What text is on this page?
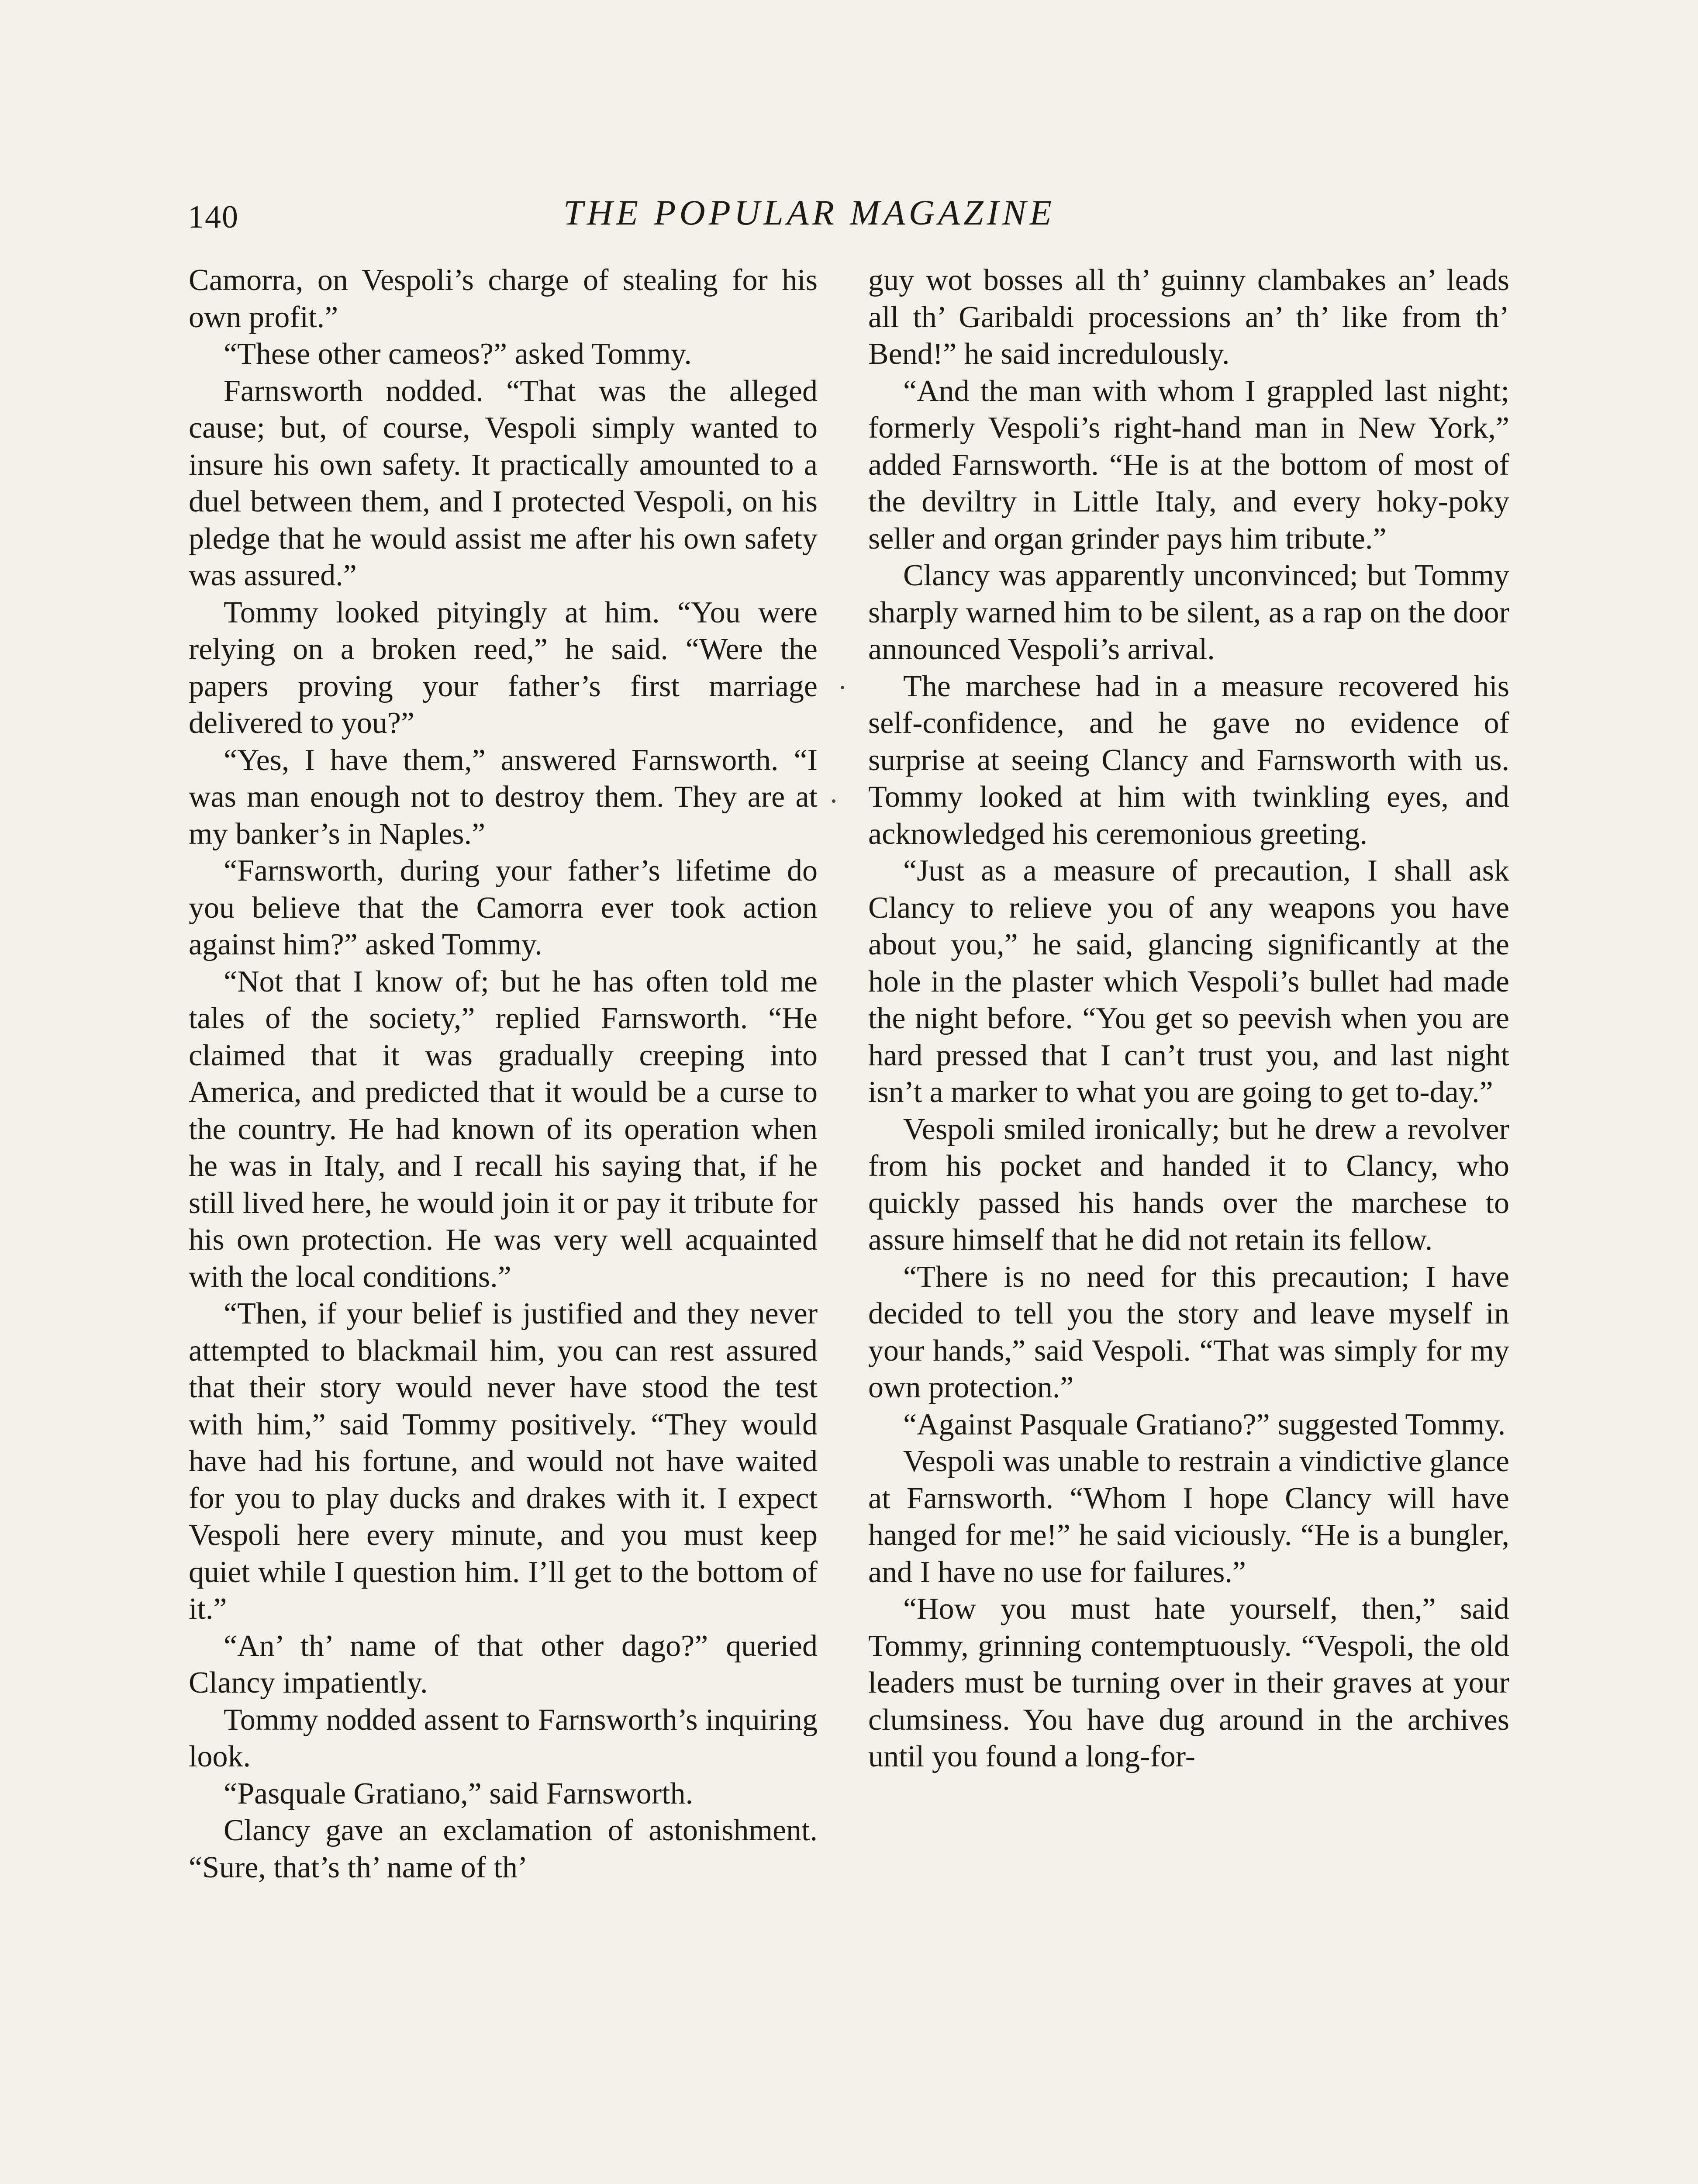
140	THE POPULAR MAGAZINE

Camorra, on Vespoli’s charge of stealing for his own profit.”

“These other cameos?” asked Tommy.

Farnsworth nodded. “That was the alleged cause; but, of course, Vespoli simply wanted to insure his own safety. It practically amounted to a duel between them, and I protected Vespoli, on his pledge that he would assist me after his own safety was assured.”

Tommy looked pityingly at him. “You were relying on a broken reed,” he said. “Were the papers proving your father’s first marriage delivered to you?”

“Yes, I have them,” answered Farnsworth. “I was man enough not to destroy them. They are at my banker’s in Naples.”

“Farnsworth, during your father’s lifetime do you believe that the Camorra ever took action against him?” asked Tommy.

“Not that I know of; but he has often told me tales of the society,” replied Farnsworth. “He claimed that it was gradually creeping into America, and predicted that it would be a curse to the country. He had known of its operation when he was in Italy, and I recall his saying that, if he still lived here, he would join it or pay it tribute for his own protection. He was very well acquainted with the local conditions.”

“Then, if your belief is justified and they never attempted to blackmail him, you can rest assured that their story would never have stood the test with him,” said Tommy positively. “They would have had his fortune, and would not have waited for you to play ducks and drakes with it. I expect Vespoli here every minute, and you must keep quiet while I question him. I’ll get to the bottom of it.”

“An’ th’ name of that other dago?” queried Clancy impatiently.

Tommy nodded assent to Farnsworth’s inquiring look.

“Pasquale Gratiano,” said Farnsworth.

Clancy gave an exclamation of astonishment. “Sure, that’s th’ name of th’

guy wot bosses all th’ guinny clambakes an’ leads all th’ Garibaldi processions an’ th’ like from th’ Bend!” he said incredulously.

“And the man with whom I grappled last night; formerly Vespoli’s right-hand man in New York,” added Farnsworth. “He is at the bottom of most of the deviltry in Little Italy, and every hoky-poky seller and organ grinder pays him tribute.”

Clancy was apparently unconvinced; but Tommy sharply warned him to be silent, as a rap on the door announced Vespoli’s arrival.

The marchese had in a measure recovered his self-confidence, and he gave no evidence of surprise at seeing Clancy and Farnsworth with us. Tommy looked at him with twinkling eyes, and acknowledged his ceremonious greeting.

“Just as a measure of precaution, I shall ask Clancy to relieve you of any weapons you have about you,” he said, glancing significantly at the hole in the plaster which Vespoli’s bullet had made the night before. “You get so peevish when you are hard pressed that I can’t trust you, and last night isn’t a marker to what you are going to get to-day.”

Vespoli smiled ironically; but he drew a revolver from his pocket and handed it to Clancy, who quickly passed his hands over the marchese to assure himself that he did not retain its fellow.

“There is no need for this precaution; I have decided to tell you the story and leave myself in your hands,” said Vespoli. “That was simply for my own protection.”

“Against Pasquale Gratiano?” suggested Tommy.

Vespoli was unable to restrain a vindictive glance at Farnsworth. “Whom I hope Clancy will have hanged for me!” he said viciously. “He is a bungler, and I have no use for failures.”

“How you must hate yourself, then,” said Tommy, grinning contemptuously. “Vespoli, the old leaders must be turning over in their graves at your clumsiness. You have dug around in the archives until you found a long-for-
